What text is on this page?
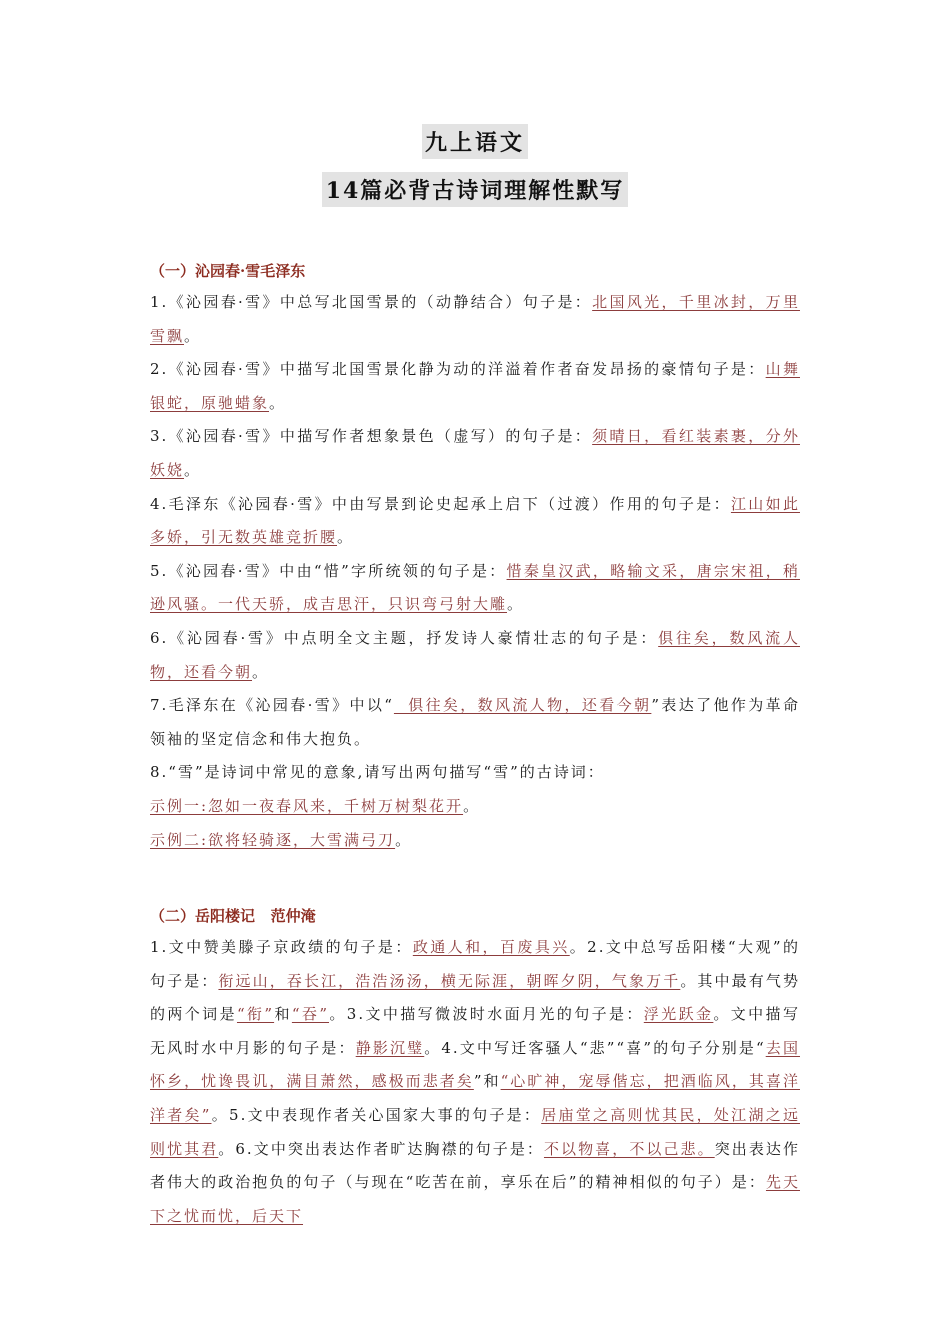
九上语文
14篇必背古诗词理解性默写
（一）沁园春·雪毛泽东

1.《沁园春·雪》中总写北国雪景的（动静结合）句子是：北国风光，千里冰封，万里雪飘。

2.《沁园春·雪》中描写北国雪景化静为动的洋溢着作者奋发昂扬的豪情句子是：山舞银蛇，原驰蜡象。

3.《沁园春·雪》中描写作者想象景色（虚写）的句子是：须晴日，看红装素裹，分外妖娆。

4.毛泽东《沁园春·雪》中由写景到论史起承上启下（过渡）作用的句子是：江山如此多娇，引无数英雄竞折腰。

5.《沁园春·雪》中由“惜”字所统领的句子是：惜秦皇汉武，略输文采，唐宗宋祖，稍逊风骚。一代天骄，成吉思汗，只识弯弓射大雕。

6.《沁园春·雪》中点明全文主题，抒发诗人豪情壮志的句子是：俱往矣，数风流人物，还看今朝。

7.毛泽东在《沁园春·雪》中以“  俱往矣，数风流人物，还看今朝”表达了他作为革命领袖的坚定信念和伟大抱负。

8.“雪”是诗词中常见的意象,请写出两句描写“雪”的古诗词：

示例一:忽如一夜春风来，千树万树梨花开。

示例二:欲将轻骑逐，大雪满弓刀。

（二）岳阳楼记   范仲淹

1.文中赞美滕子京政绩的句子是：政通人和，百废具兴。2.文中总写岳阳楼“大观”的句子是：衔远山，吞长江，浩浩汤汤，横无际涯，朝晖夕阴，气象万千。其中最有气势的两个词是“衔”和“吞”。3.文中描写微波时水面月光的句子是：浮光跃金。文中描写无风时水中月影的句子是：静影沉璧。4.文中写迁客骚人“悲”“喜”的句子分别是“去国怀乡，忧谗畏讥，满目萧然，感极而悲者矣”和“心旷神，宠辱偕忘，把酒临风，其喜洋洋者矣”。5.文中表现作者关心国家大事的句子是：居庙堂之高则忧其民，处江湖之远则忧其君。6.文中突出表达作者旷达胸襟的句子是：不以物喜，不以己悲。突出表达作者伟大的政治抱负的句子（与现在“吃苦在前，享乐在后”的精神相似的句子）是：先天下之忧而忧，后天下
